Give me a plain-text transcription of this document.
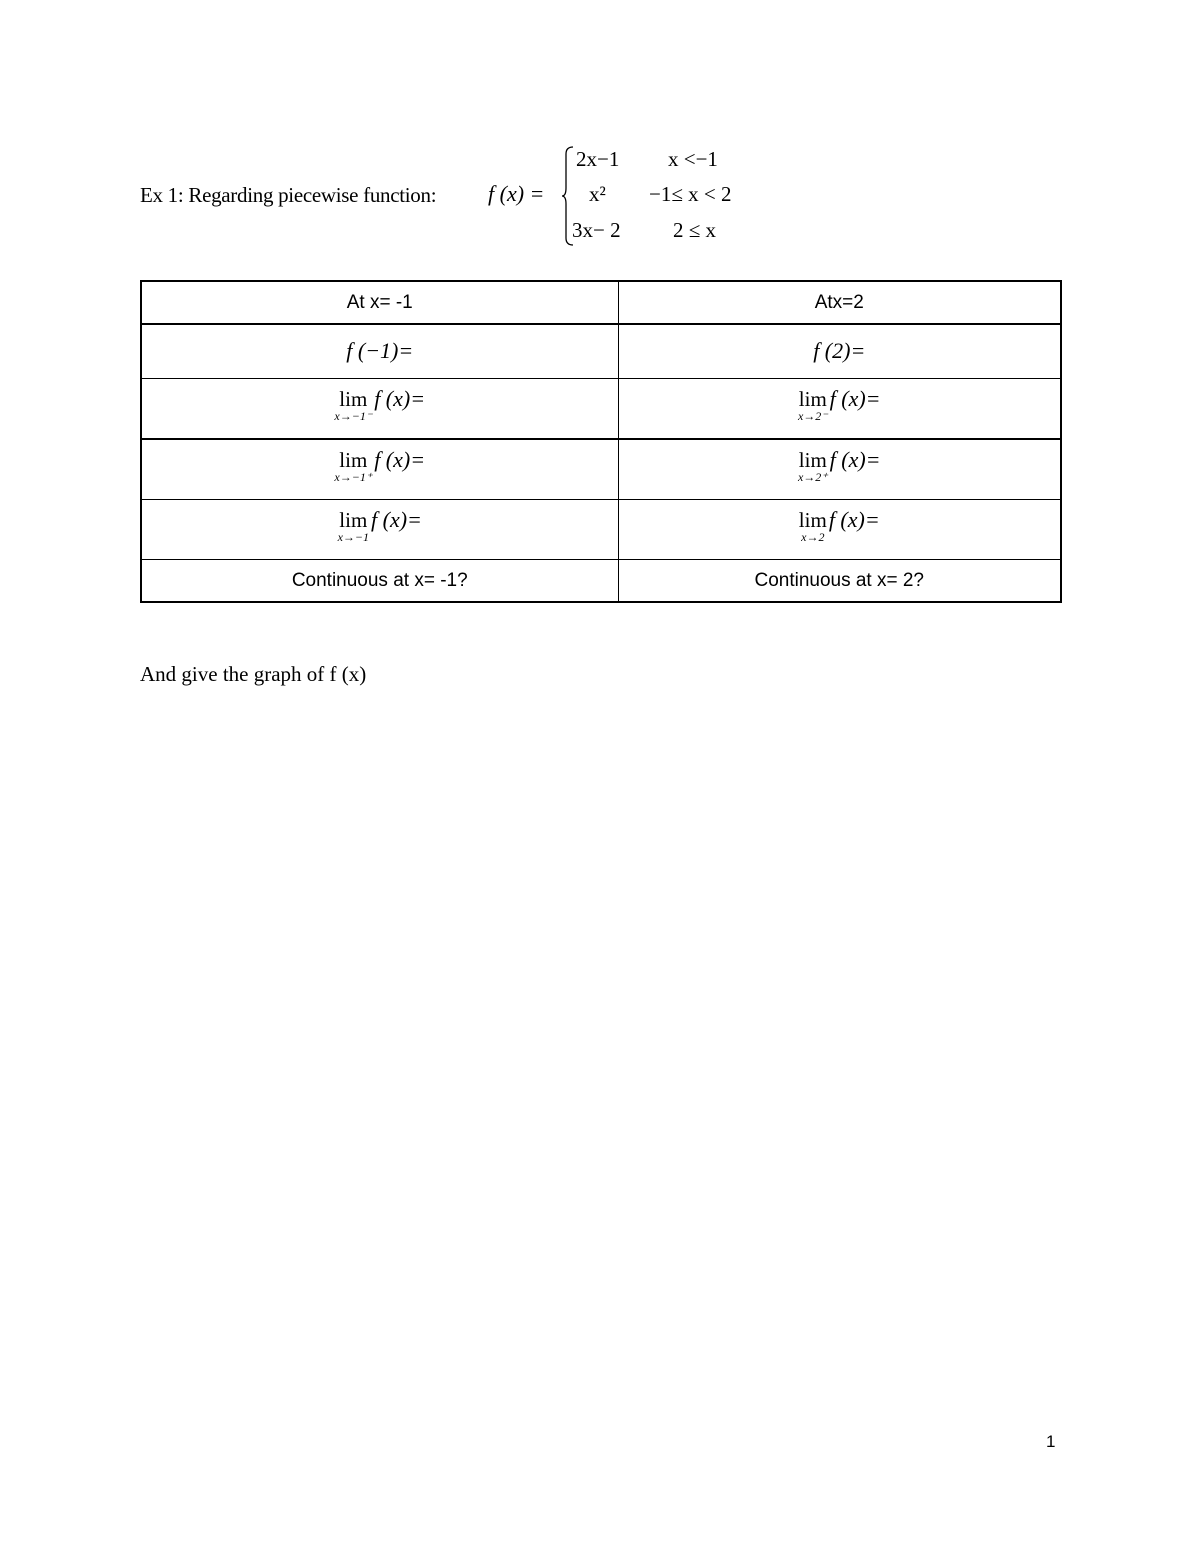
Ex 1: Regarding piecewise function: f (x) =
2x−1 x <−1
x² −1≤ x < 2
3x− 2 2 ≤ x
At x= -1	Atx=2
f (−1)=	f (2)=

lim
x→−1⁻
f (x)=	lim
x→2⁻
f (x)=

lim
x→−1⁺
f (x)=	lim
x→2⁺
f (x)=

lim
x→−1
f (x)=	lim
x→2
f (x)=

Continuous at x= -1?	Continuous at x= 2?
And give the graph of f (x)
1
